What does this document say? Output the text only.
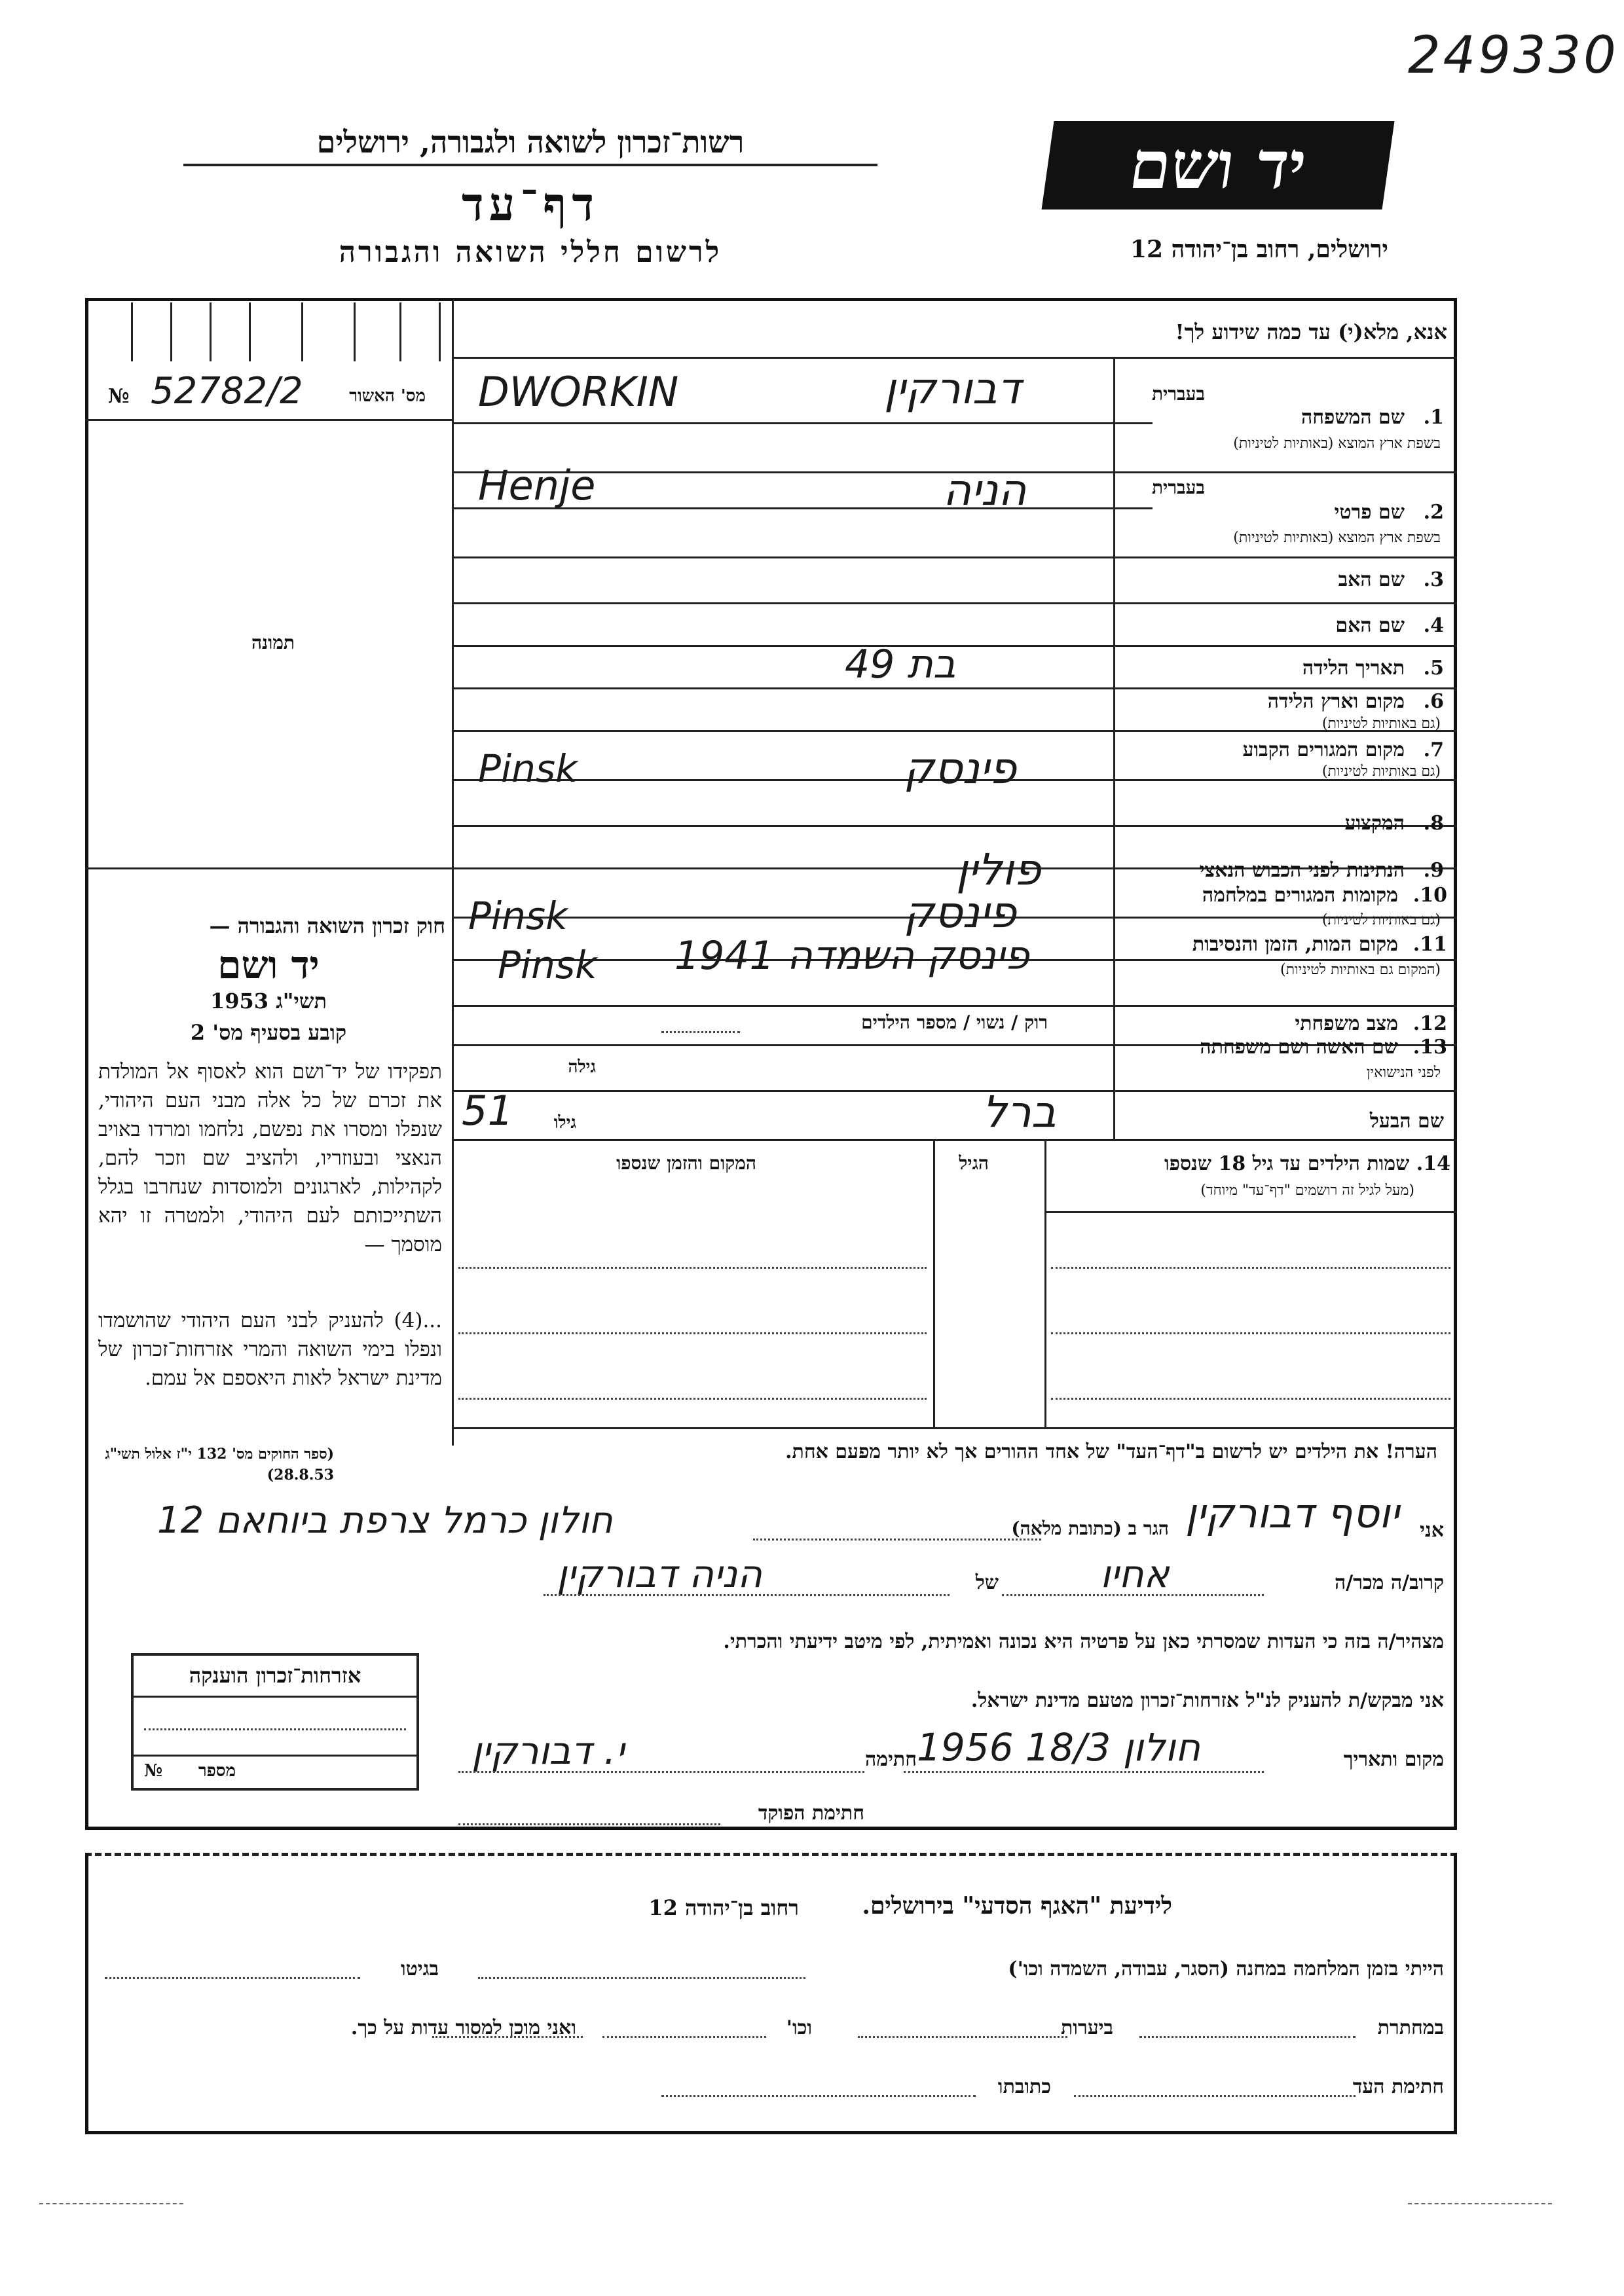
249330
רשות־זכרון לשואה ולגבורה, ירושלים
דף־עד
לרשום חללי השואה והגבורה
יד ושם
ירושלים, רחוב בן־יהודה 12
אנא, מלא(י) עד כמה שידוע לך!
מס' האשור
№ 52782/2
תמונה
בעברית
1.
שם המשפחה
בשפת ארץ המוצא (באותיות לטיניות)
דבורקין
DWORKIN
בעברית
2.
שם פרטי
בשפת ארץ המוצא (באותיות לטיניות)
הניה
Henje
3.
שם האב
4.
שם האם
5.
תאריך הלידה
בת 49
6.
מקום וארץ הלידה
(גם באותיות לטיניות)
7.
מקום המגורים הקבוע
(גם באותיות לטיניות)
פינסק
Pinsk
8.
המקצוע
9.
הנתינות לפני הכבוש הנאצי
פולין
10.
מקומות המגורים במלחמה
(גם באותיות לטיניות)
פינסק
Pinsk
11.
מקום המות, הזמן והנסיבות
(המקום גם באותיות לטיניות)
פינסק השמדה 1941
Pinsk
12.
מצב משפחתי
רוק / נשוי / מספר הילדים
13.
שם האשה ושם משפחתה
לפני הנישואין
גילה
שם הבעל
גילו	ברל
51
14. שמות הילדים עד גיל 18 שנספו
(מעל לגיל זה רושמים "דף־עד" מיוחד)
הגיל
המקום והזמן שנספו
הערה! את הילדים יש לרשום ב"דף־העד" של אחד ההורים אך לא יותר מפעם אחת.
חוק זכרון השואה והגבורה —
יד ושם
תשי"ג 1953
קובע בסעיף מס' 2
תפקידו של יד־ושם הוא לאסוף אל המולדת את זכרם של כל אלה מבני העם היהודי, שנפלו ומסרו את נפשם, נלחמו ומרדו באויב הנאצי ובעוזריו, ולהציב שם וזכר להם, לקהילות, לארגונים ולמוסדות שנחרבו בגלל השתייכותם לעם היהודי, ולמטרה זו יהא מוסמך —
...(4) להעניק לבני העם היהודי שהושמדו ונפלו בימי השואה והמרי אזרחות־זכרון של מדינת ישראל לאות היאספם אל עמם.
(ספר החוקים מס' 132 י"ז אלול תשי"ג 28.8.53)
אני
הגר ב (כתובת מלאה) יוסף דבורקין
חולון כרמל צרפת ביוחאם 12
קרוב/ה מכר/ה
של	אחיו
הניה דבורקין
מצהיר/ה בזה כי העדות שמסרתי כאן על פרטיה היא נכונה ואמיתית, לפי מיטב ידיעתי והכרתי.
אני מבקש/ת להעניק לנ"ל אזרחות־זכרון מטעם מדינת ישראל.
מקום ותאריך
חולון 18/3 1956
חתימה
י. דבורקין
חתימת הפוקד
אזרחות־זכרון הוענקה
מספר
№
לידיעת "האגף הסדעי" בירושלים.
רחוב בן־יהודה 12
הייתי בזמן המלחמה במחנה (הסגר, עבודה, השמדה וכו')
בגיטו
במחתרת
ביערות
וכו'
ואני מוכן למסור עדות על כך.
חתימת העד
כתובתו
